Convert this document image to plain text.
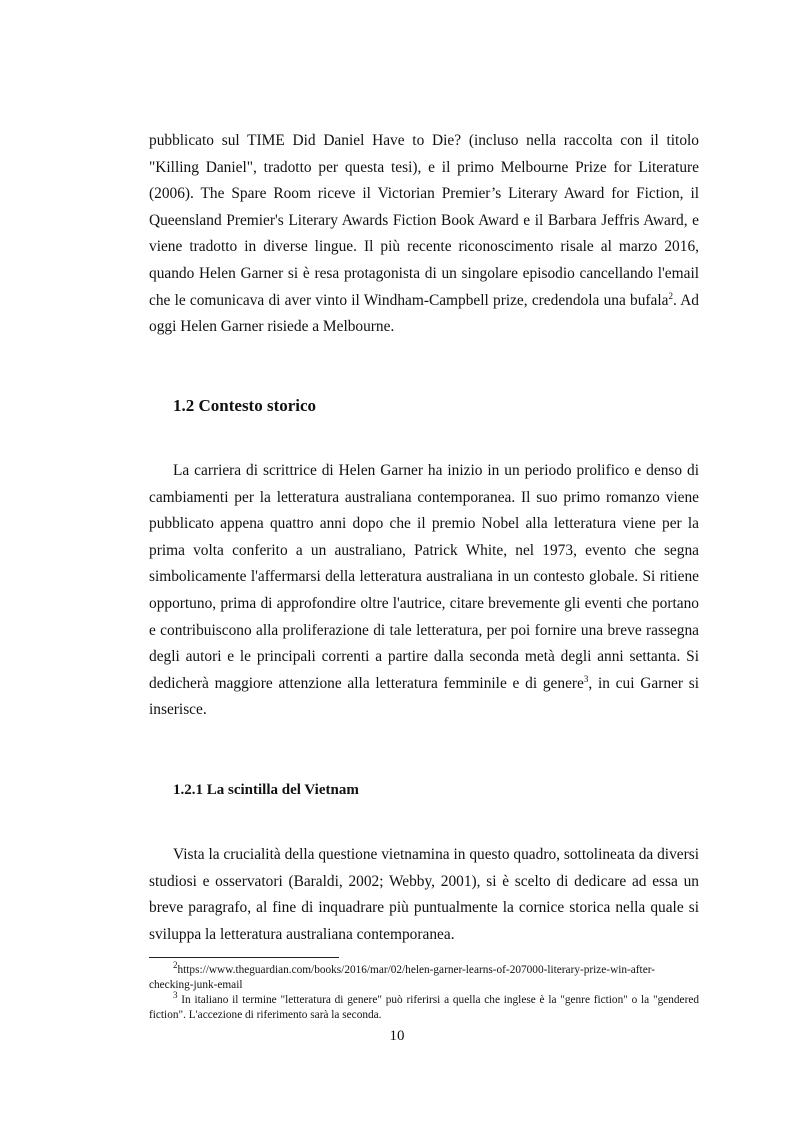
pubblicato sul TIME Did Daniel Have to Die? (incluso nella raccolta con il titolo "Killing Daniel", tradotto per questa tesi), e il primo Melbourne Prize for Literature (2006). The Spare Room riceve il Victorian Premier’s Literary Award for Fiction, il Queensland Premier's Literary Awards Fiction Book Award e il Barbara Jeffris Award, e viene tradotto in diverse lingue. Il più recente riconoscimento risale al marzo 2016, quando Helen Garner si è resa protagonista di un singolare episodio cancellando l'email che le comunicava di aver vinto il Windham-Campbell prize, credendola una bufala$^2$. Ad oggi Helen Garner risiede a Melbourne.

1.2 Contesto storico

La carriera di scrittrice di Helen Garner ha inizio in un periodo prolifico e denso di cambiamenti per la letteratura australiana contemporanea. Il suo primo romanzo viene pubblicato appena quattro anni dopo che il premio Nobel alla letteratura viene per la prima volta conferito a un australiano, Patrick White, nel 1973, evento che segna simbolicamente l'affermarsi della letteratura australiana in un contesto globale. Si ritiene opportuno, prima di approfondire oltre l'autrice, citare brevemente gli eventi che portano e contribuiscono alla proliferazione di tale letteratura, per poi fornire una breve rassegna degli autori e le principali correnti a partire dalla seconda metà degli anni settanta. Si dedicherà maggiore attenzione alla letteratura femminile e di genere$^3$, in cui Garner si inserisce.

1.2.1 La scintilla del Vietnam

Vista la crucialità della questione vietnamina in questo quadro, sottolineata da diversi studiosi e osservatori (Baraldi, 2002; Webby, 2001), si è scelto di dedicare ad essa un breve paragrafo, al fine di inquadrare più puntualmente la cornice storica nella quale si sviluppa la letteratura australiana contemporanea.

$^2$https://www.theguardian.com/books/2016/mar/02/helen-garner-learns-of-207000-literary-prize-win-after-checking-junk-email

$^3$ In italiano il termine "letteratura di genere" può riferirsi a quella che inglese è la "genre fiction" o la "gendered fiction". L'accezione di riferimento sarà la seconda.

10
